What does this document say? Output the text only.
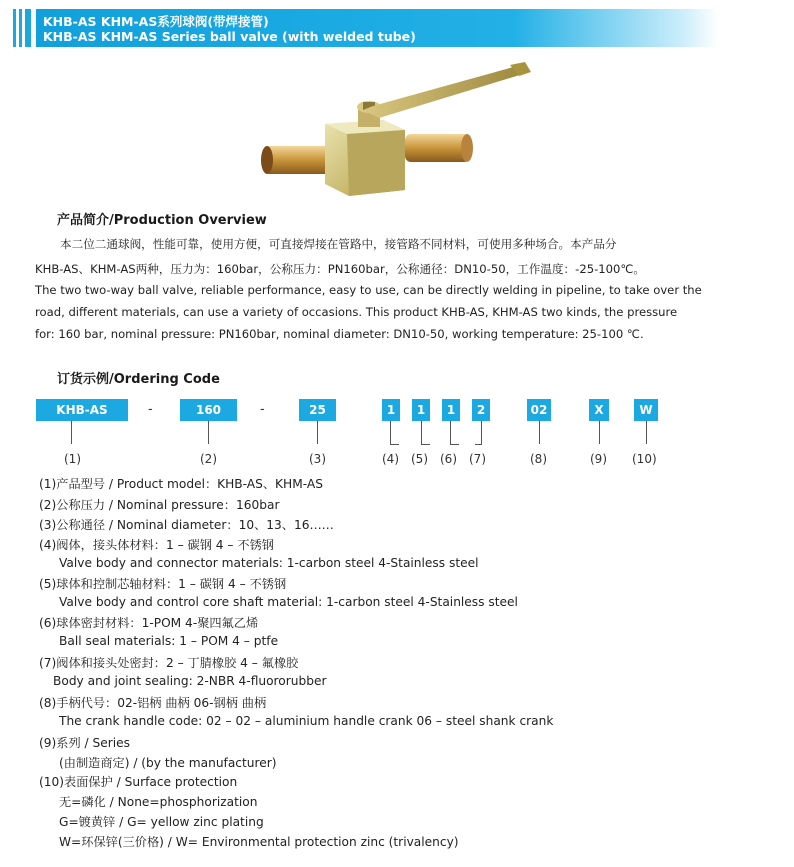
KHB-AS KHM-AS系列球阀(带焊接管)
KHB-AS KHM-AS Series ball valve (with welded tube)
产品简介/Production Overview
本二位二通球阀，性能可靠，使用方便，可直接焊接在管路中，接管路不同材料，可使用多种场合。本产品分
KHB-AS、KHM-AS两种，压力为：160bar，公称压力：PN160bar，公称通径：DN10-50，工作温度：-25-100℃。
The two two-way ball valve, reliable performance, easy to use, can be directly welding in pipeline, to take over the
road, different materials, can use a variety of occasions. This product KHB-AS, KHM-AS two kinds, the pressure
for: 160 bar, nominal pressure: PN160bar, nominal diameter: DN10-50, working temperature: 25-100 ℃.
订货示例/Ordering Code
KHB-AS	-	160	-	25	1	1	1	2	02	X	W
(1)	(2)	(3)	(4) (5) (6) (7)	(8)	(9) (10)
(1)产品型号 / Product model：KHB-AS、KHM-AS
(2)公称压力 / Nominal pressure：160bar
(3)公称通径 / Nominal diameter：10、13、16……
(4)阀体，接头体材料：1 – 碳钢 4 – 不锈钢
Valve body and connector materials: 1-carbon steel 4-Stainless steel
(5)球体和控制芯轴材料：1 – 碳钢 4 – 不锈钢
Valve body and control core shaft material: 1-carbon steel 4-Stainless steel
(6)球体密封材料：1-POM 4-聚四氟乙烯
Ball seal materials: 1 – POM 4 – ptfe
(7)阀体和接头处密封：2 – 丁腈橡胶 4 – 氟橡胶
Body and joint sealing: 2-NBR 4-fluororubber
(8)手柄代号：02-铝柄 曲柄 06-钢柄 曲柄
The crank handle code: 02 – 02 – aluminium handle crank 06 – steel shank crank
(9)系列 / Series
(由制造商定) / (by the manufacturer)
(10)表面保护 / Surface protection
无=磷化 / None=phosphorization
G=镀黄锌 / G= yellow zinc plating
W=环保锌(三价格) / W= Environmental protection zinc (trivalency)
